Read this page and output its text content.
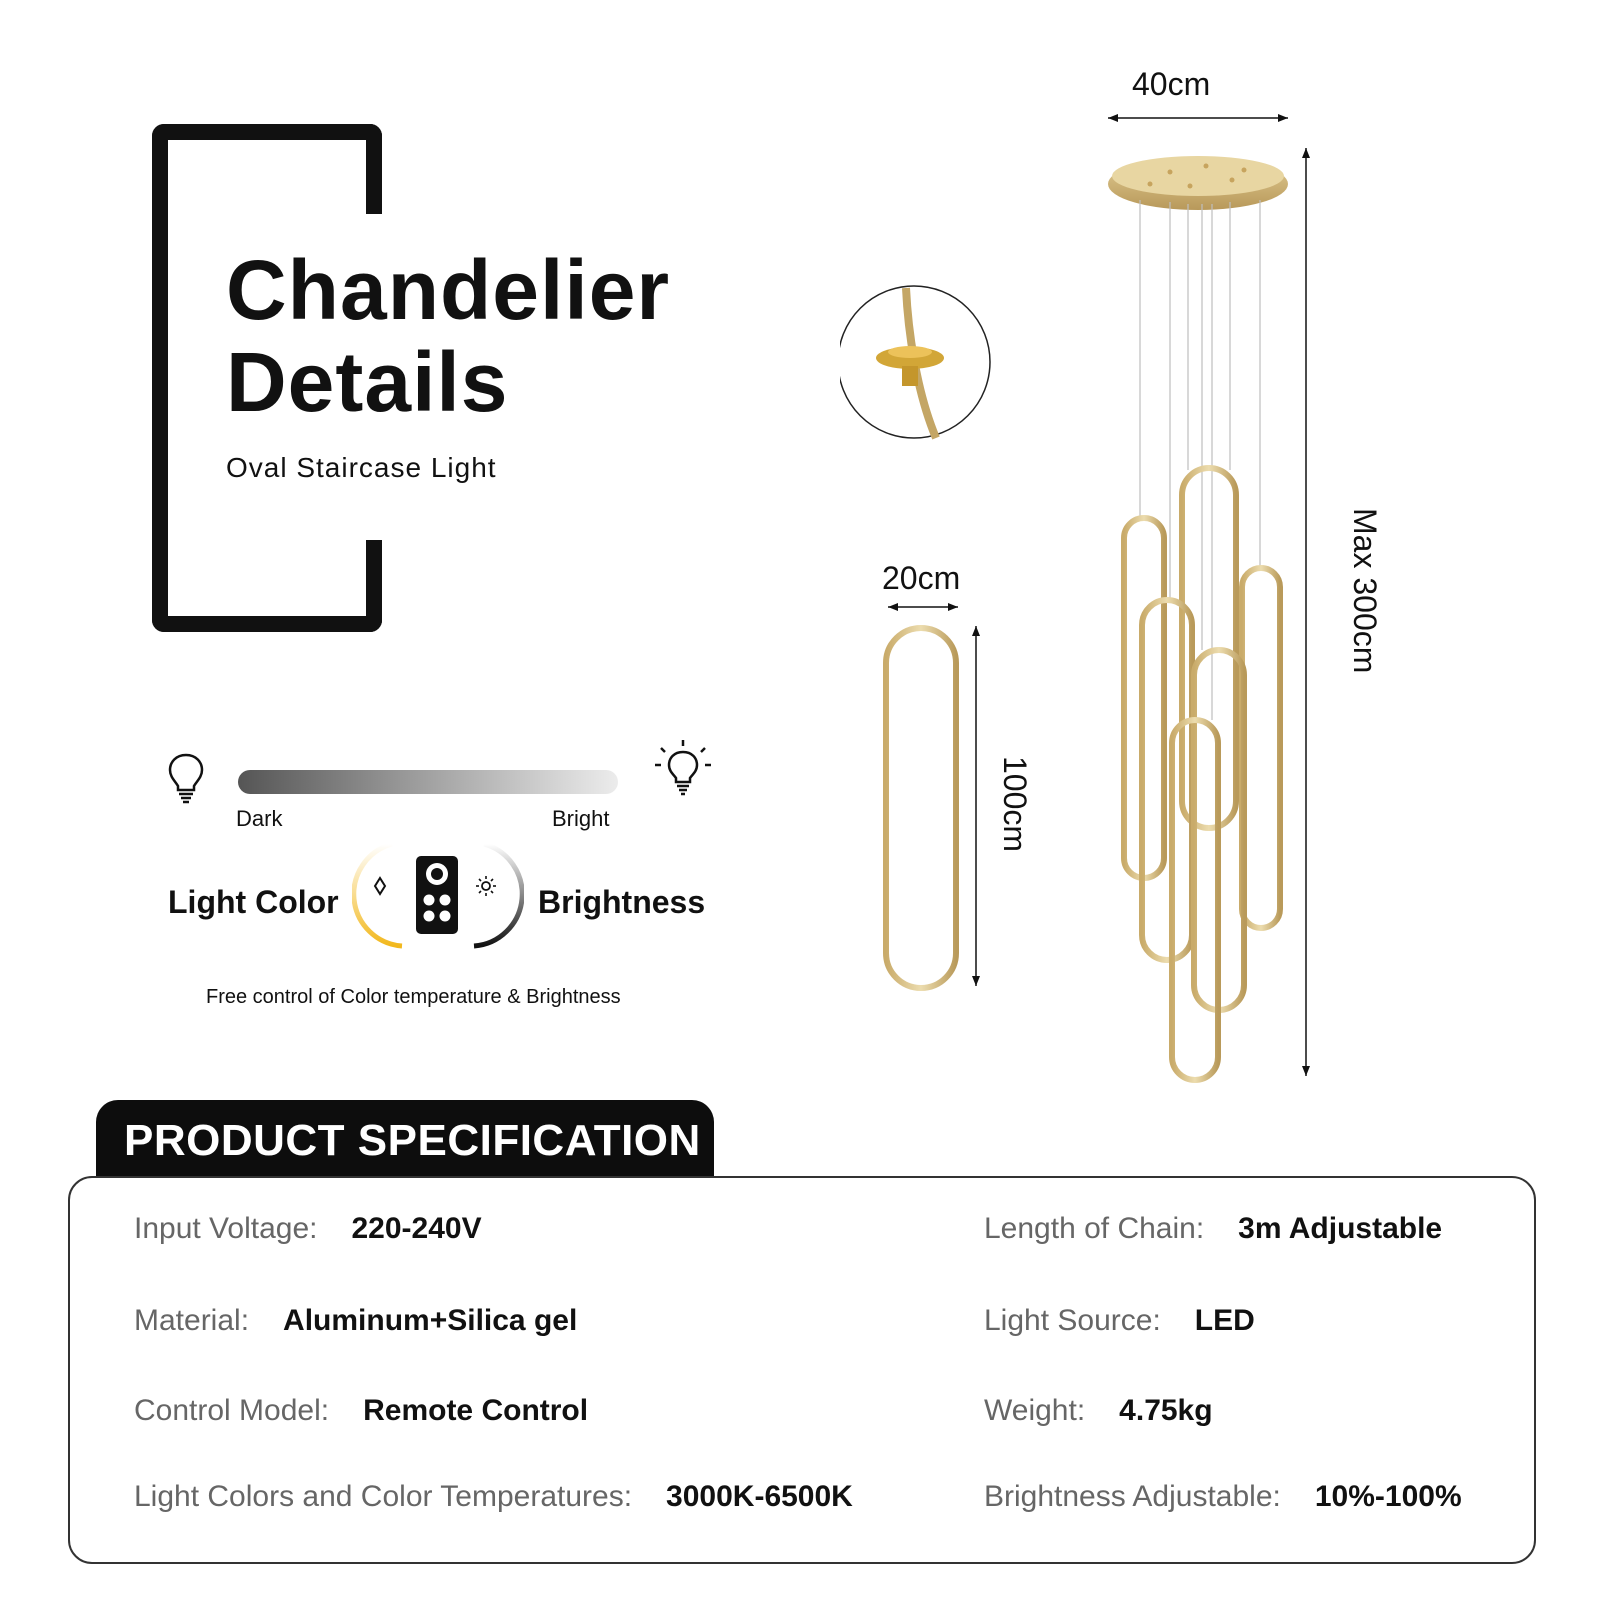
Chandelier
Details
Oval Staircase Light
Dark	Bright
Light Color	Brightness
Free control of Color temperature & Brightness
40cm
20cm
100cm
Max 300cm
PRODUCT SPECIFICATION
Input Voltage: 220-240V
Material: Aluminum+Silica gel
Control Model: Remote Control
Light Colors and Color Temperatures: 3000K-6500K
Length of Chain: 3m Adjustable
Light Source: LED
Weight: 4.75kg
Brightness Adjustable: 10%-100%
